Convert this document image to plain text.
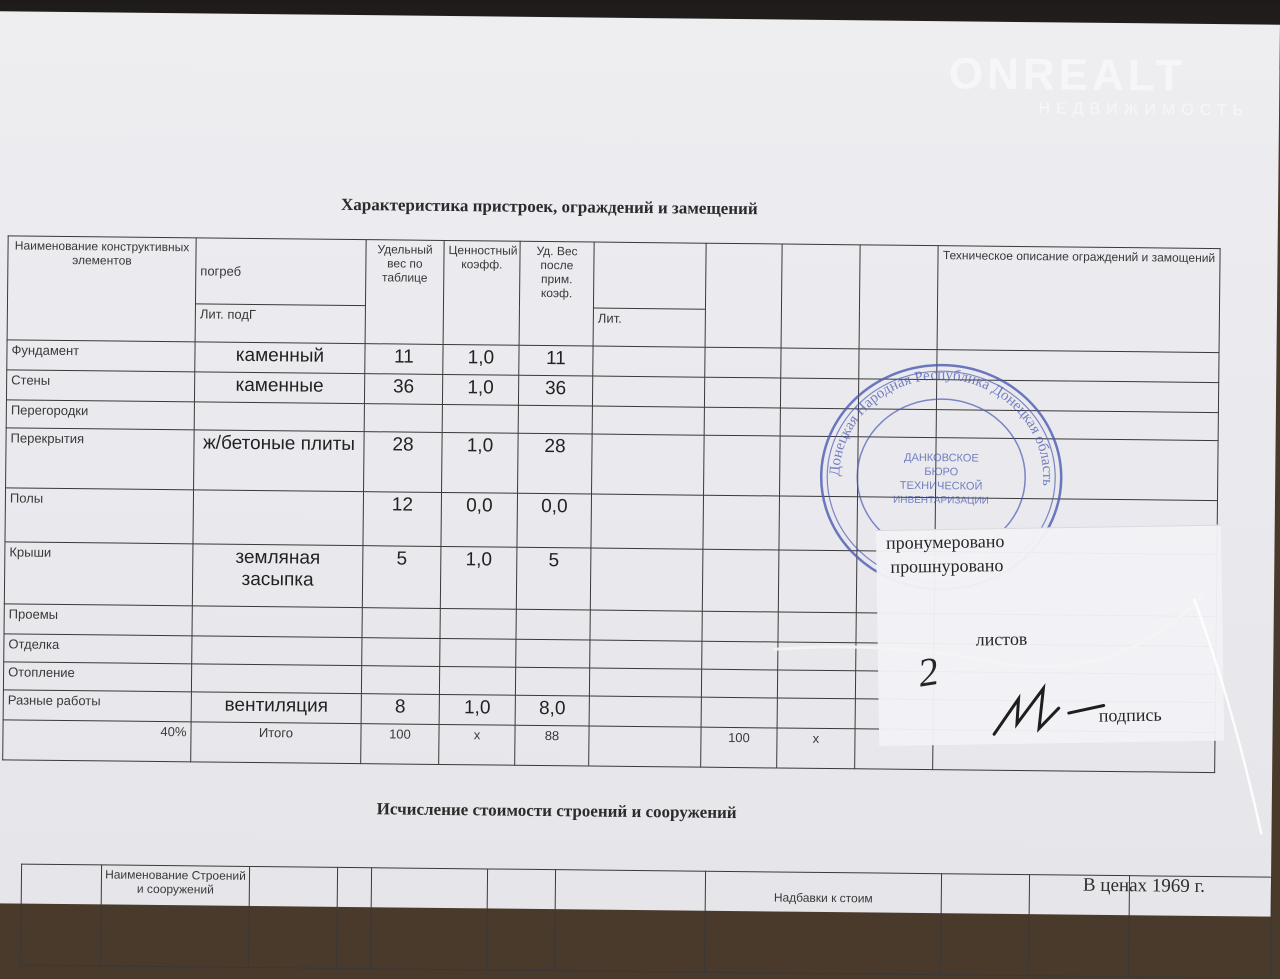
ONREALT
НЕДВИЖИМОСТЬ
Характеристика пристроек, ограждений и замещений
Наименование конструктивных элементов	погреб	Удельный вес по таблице	Ценностный коэфф.	Уд. Вес после прим. коэф.					Техническое описание ограждений и замощений
	Лит. подГ				Лит.				
Фундамент	каменный	11	1,0	11					
Стены	каменные	36	1,0	36					
Перегородки									
Перекрытия	ж/бетоные плиты	28	1,0	28					
Полы		12	0,0	0,0					
Крыши	земляная засыпка	5	1,0	5					
Проемы									
Отделка									
Отопление									
Разные работы	вентиляция	8	1,0	8,0					
40%	Итого	100	х	88		100	х		
Донецкая Народная Республика Донецкая область
ДАНКОВСКОЕ
БЮРО
ТЕХНИЧЕСКОЙ
ИНВЕНТАРИЗАЦИИ
пронумеровано
прошнуровано
2
листов
подпись
Исчисление стоимости строений и сооружений
В ценах 1969 г.
	Наименование Строений и сооружений						Надбавки к стоим			
